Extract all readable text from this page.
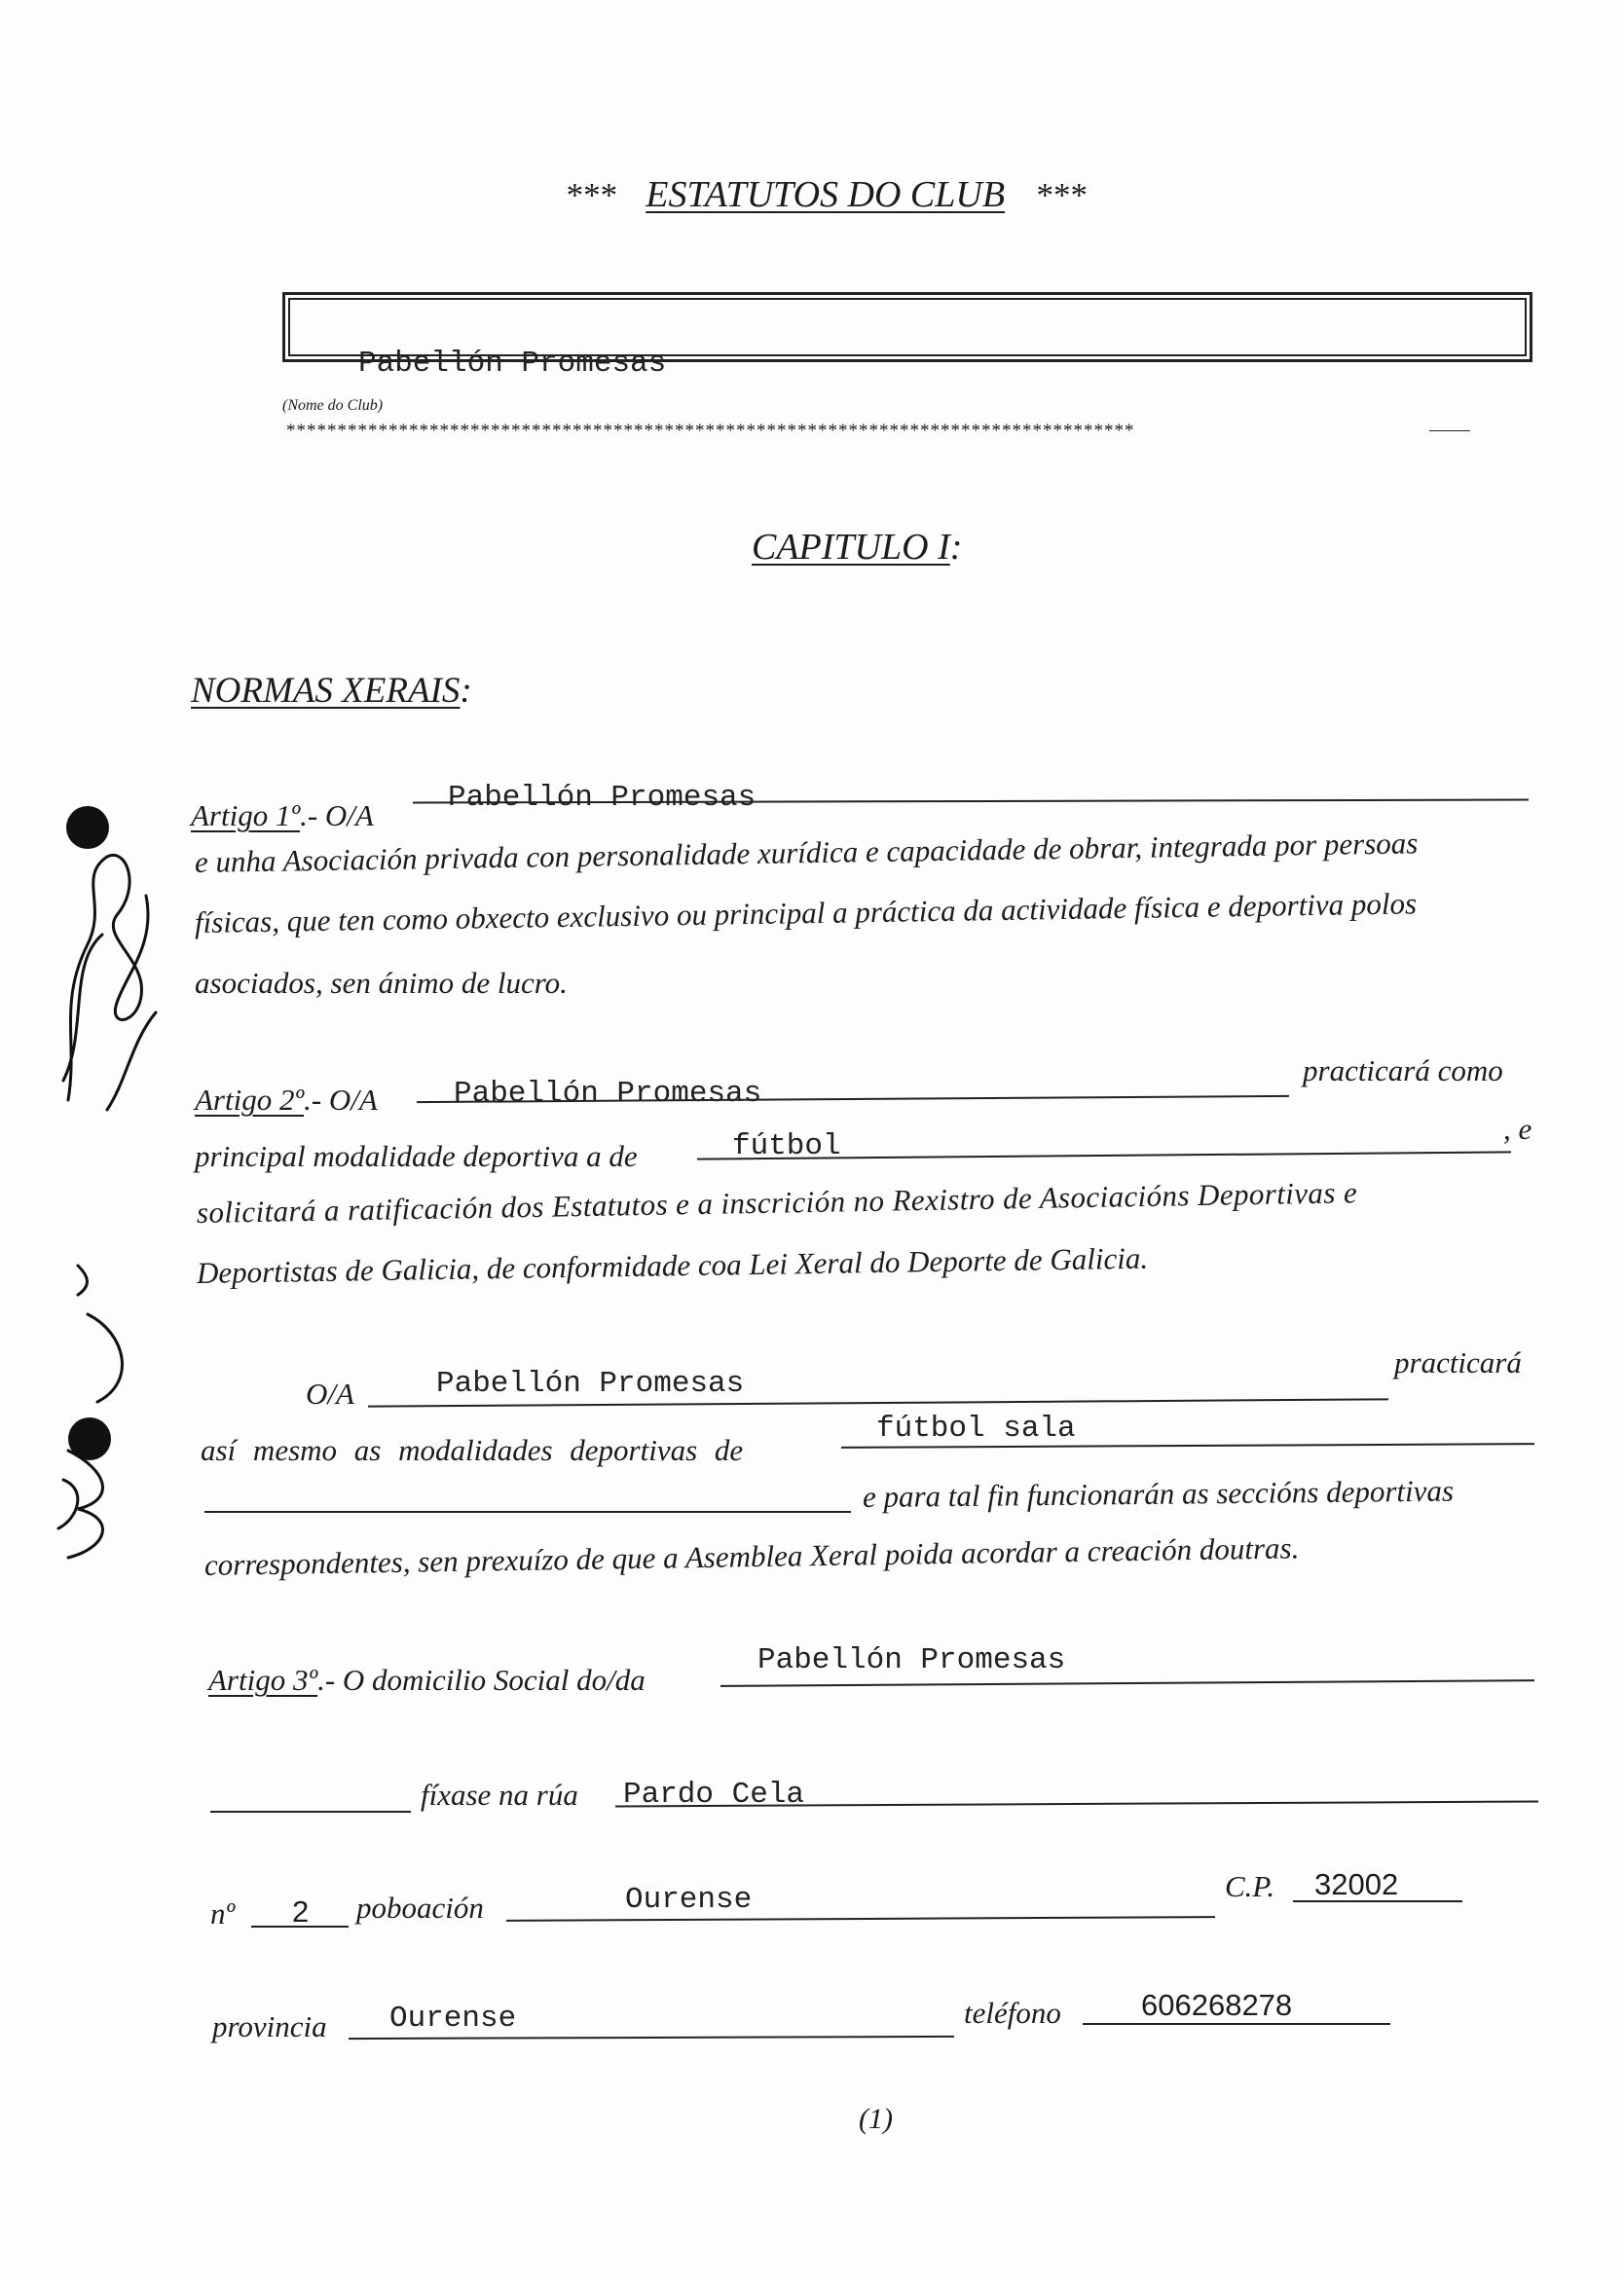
*** ESTATUTOS DO CLUB ***
Pabellón Promesas
(Nome do Club)
***********************************************************************************
CAPITULO I:
NORMAS XERAIS:
Artigo 1º.- O/A
Pabellón Promesas
e unha Asociación privada con personalidade xurídica e capacidade de obrar, integrada por persoas
físicas, que ten como obxecto exclusivo ou principal a práctica da actividade física e deportiva polos
asociados, sen ánimo de lucro.
Artigo 2º.- O/A	Pabellón Promesas
practicará como
principal modalidade deportiva a de	fútbol
, e
solicitará a ratificación dos Estatutos e a inscrición no Rexistro de Asociacións Deportivas e
Deportistas de Galicia, de conformidade coa Lei Xeral do Deporte de Galicia.
O/A	Pabellón Promesas
practicará
así mesmo as modalidades deportivas de
fútbol sala
e para tal fin funcionarán as seccións deportivas
correspondentes, sen prexuízo de que a Asemblea Xeral poida acordar a creación doutras.
Artigo 3º.- O domicilio Social do/da
Pabellón Promesas
fíxase na rúa Pardo Cela
nº 2 poboación	Ourense	C.P. 32002
provincia Ourense	teléfono	606268278
(1)
